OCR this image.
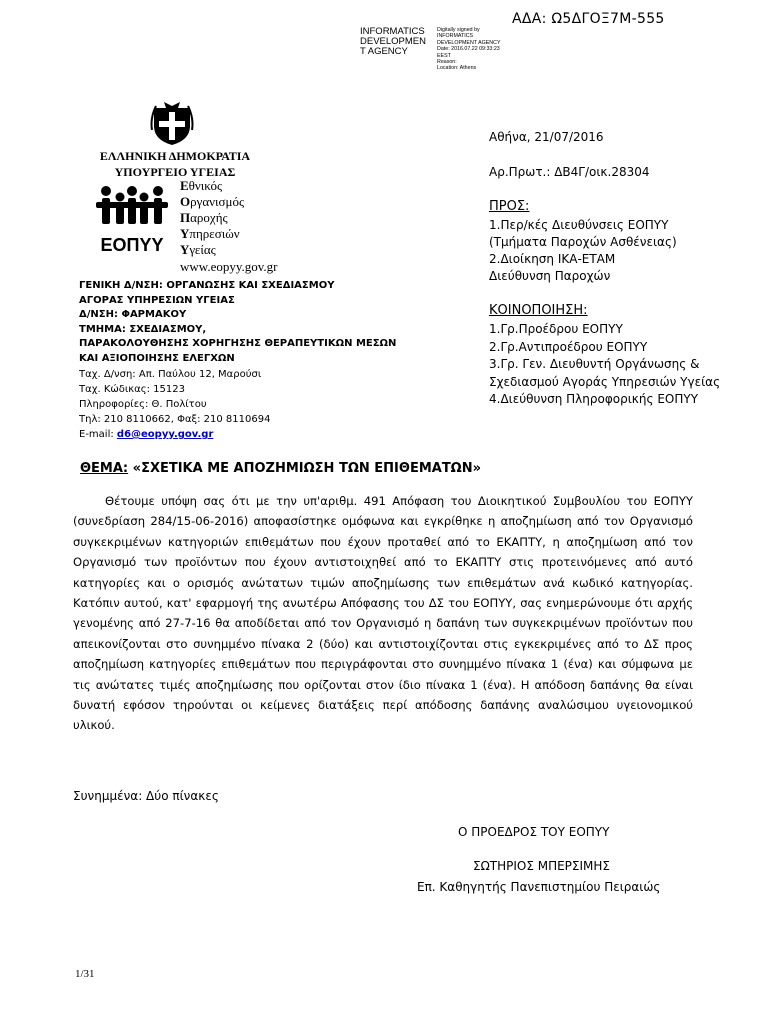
ΑΔΑ: Ω5ΔΓΟΞ7Μ-555
INFORMATICS
DEVELOPMEN
T AGENCY
Digitally signed by
INFORMATICS
DEVELOPMENT AGENCY
Date: 2016.07.22 09:33:23
EEST
Reason:
Location: Athens
ΕΛΛΗΝΙΚΗ ΔΗΜΟΚΡΑΤΙΑ
ΥΠΟΥΡΓΕΙΟ ΥΓΕΙΑΣ
ΕΟΠΥΥ
Εθνικός
Οργανισμός
Παροχής
Υπηρεσιών
Υγείας
www.eopyy.gov.gr
ΓΕΝΙΚΗ Δ/ΝΣΗ: ΟΡΓΑΝΩΣΗΣ ΚΑΙ ΣΧΕΔΙΑΣΜΟΥ
ΑΓΟΡΑΣ ΥΠΗΡΕΣΙΩΝ ΥΓΕΙΑΣ
Δ/ΝΣΗ: ΦΑΡΜΑΚΟΥ
ΤΜΗΜΑ: ΣΧΕΔΙΑΣΜΟΥ,
ΠΑΡΑΚΟΛΟΥΘΗΣΗΣ ΧΟΡΗΓΗΣΗΣ ΘΕΡΑΠΕΥΤΙΚΩΝ ΜΕΣΩΝ
ΚΑΙ ΑΞΙΟΠΟΙΗΣΗΣ ΕΛΕΓΧΩΝ
Ταχ. Δ/νση: Απ. Παύλου 12, Μαρούσι
Ταχ. Κώδικας: 15123
Πληροφορίες: Θ. Πολίτου
Τηλ: 210 8110662, Φαξ: 210 8110694
E-mail: d6@eopyy.gov.gr
Αθήνα, 21/07/2016
Αρ.Πρωτ.: ΔΒ4Γ/οικ.28304
ΠΡΟΣ:
1.Περ/κές Διευθύνσεις ΕΟΠΥΥ
(Τμήματα Παροχών Ασθένειας)
2.Διοίκηση ΙΚΑ-ΕΤΑΜ
Διεύθυνση Παροχών
ΚΟΙΝΟΠΟΙΗΣΗ:
1.Γρ.Προέδρου ΕΟΠΥΥ
2.Γρ.Αντιπροέδρου ΕΟΠΥΥ
3.Γρ. Γεν. Διευθυντή Οργάνωσης &
Σχεδιασμού Αγοράς Υπηρεσιών Υγείας
4.Διεύθυνση Πληροφορικής ΕΟΠΥΥ
ΘΕΜΑ: «ΣΧΕΤΙΚΑ ΜΕ ΑΠΟΖΗΜΙΩΣΗ ΤΩΝ ΕΠΙΘΕΜΑΤΩΝ»
Θέτουμε υπόψη σας ότι με την υπ'αριθμ. 491 Απόφαση του Διοικητικού Συμβουλίου του ΕΟΠΥΥ (συνεδρίαση 284/15-06-2016) αποφασίστηκε ομόφωνα και εγκρίθηκε η αποζημίωση από τον Οργανισμό συγκεκριμένων κατηγοριών επιθεμάτων που έχουν προταθεί από το ΕΚΑΠΤΥ, η αποζημίωση από τον Οργανισμό των προϊόντων που έχουν αντιστοιχηθεί από το ΕΚΑΠΤΥ στις προτεινόμενες από αυτό κατηγορίες και ο ορισμός ανώτατων τιμών αποζημίωσης των επιθεμάτων ανά κωδικό κατηγορίας. Κατόπιν αυτού, κατ' εφαρμογή της ανωτέρω Απόφασης του ΔΣ του ΕΟΠΥΥ, σας ενημερώνουμε ότι αρχής γενομένης από 27-7-16 θα αποδίδεται από τον Οργανισμό η δαπάνη των συγκεκριμένων προϊόντων που απεικονίζονται στο συνημμένο πίνακα 2 (δύο) και αντιστοιχίζονται στις εγκεκριμένες από το ΔΣ προς αποζημίωση κατηγορίες επιθεμάτων που περιγράφονται στο συνημμένο πίνακα 1 (ένα) και σύμφωνα με τις ανώτατες τιμές αποζημίωσης που ορίζονται στον ίδιο πίνακα 1 (ένα). Η απόδοση δαπάνης θα είναι δυνατή εφόσον τηρούνται οι κείμενες διατάξεις περί απόδοσης δαπάνης αναλώσιμου υγειονομικού υλικού.
Συνημμένα: Δύο πίνακες
Ο ΠΡΟΕΔΡΟΣ ΤΟΥ ΕΟΠΥΥ
ΣΩΤΗΡΙΟΣ ΜΠΕΡΣΙΜΗΣ
Επ. Καθηγητής Πανεπιστημίου Πειραιώς
1/31
